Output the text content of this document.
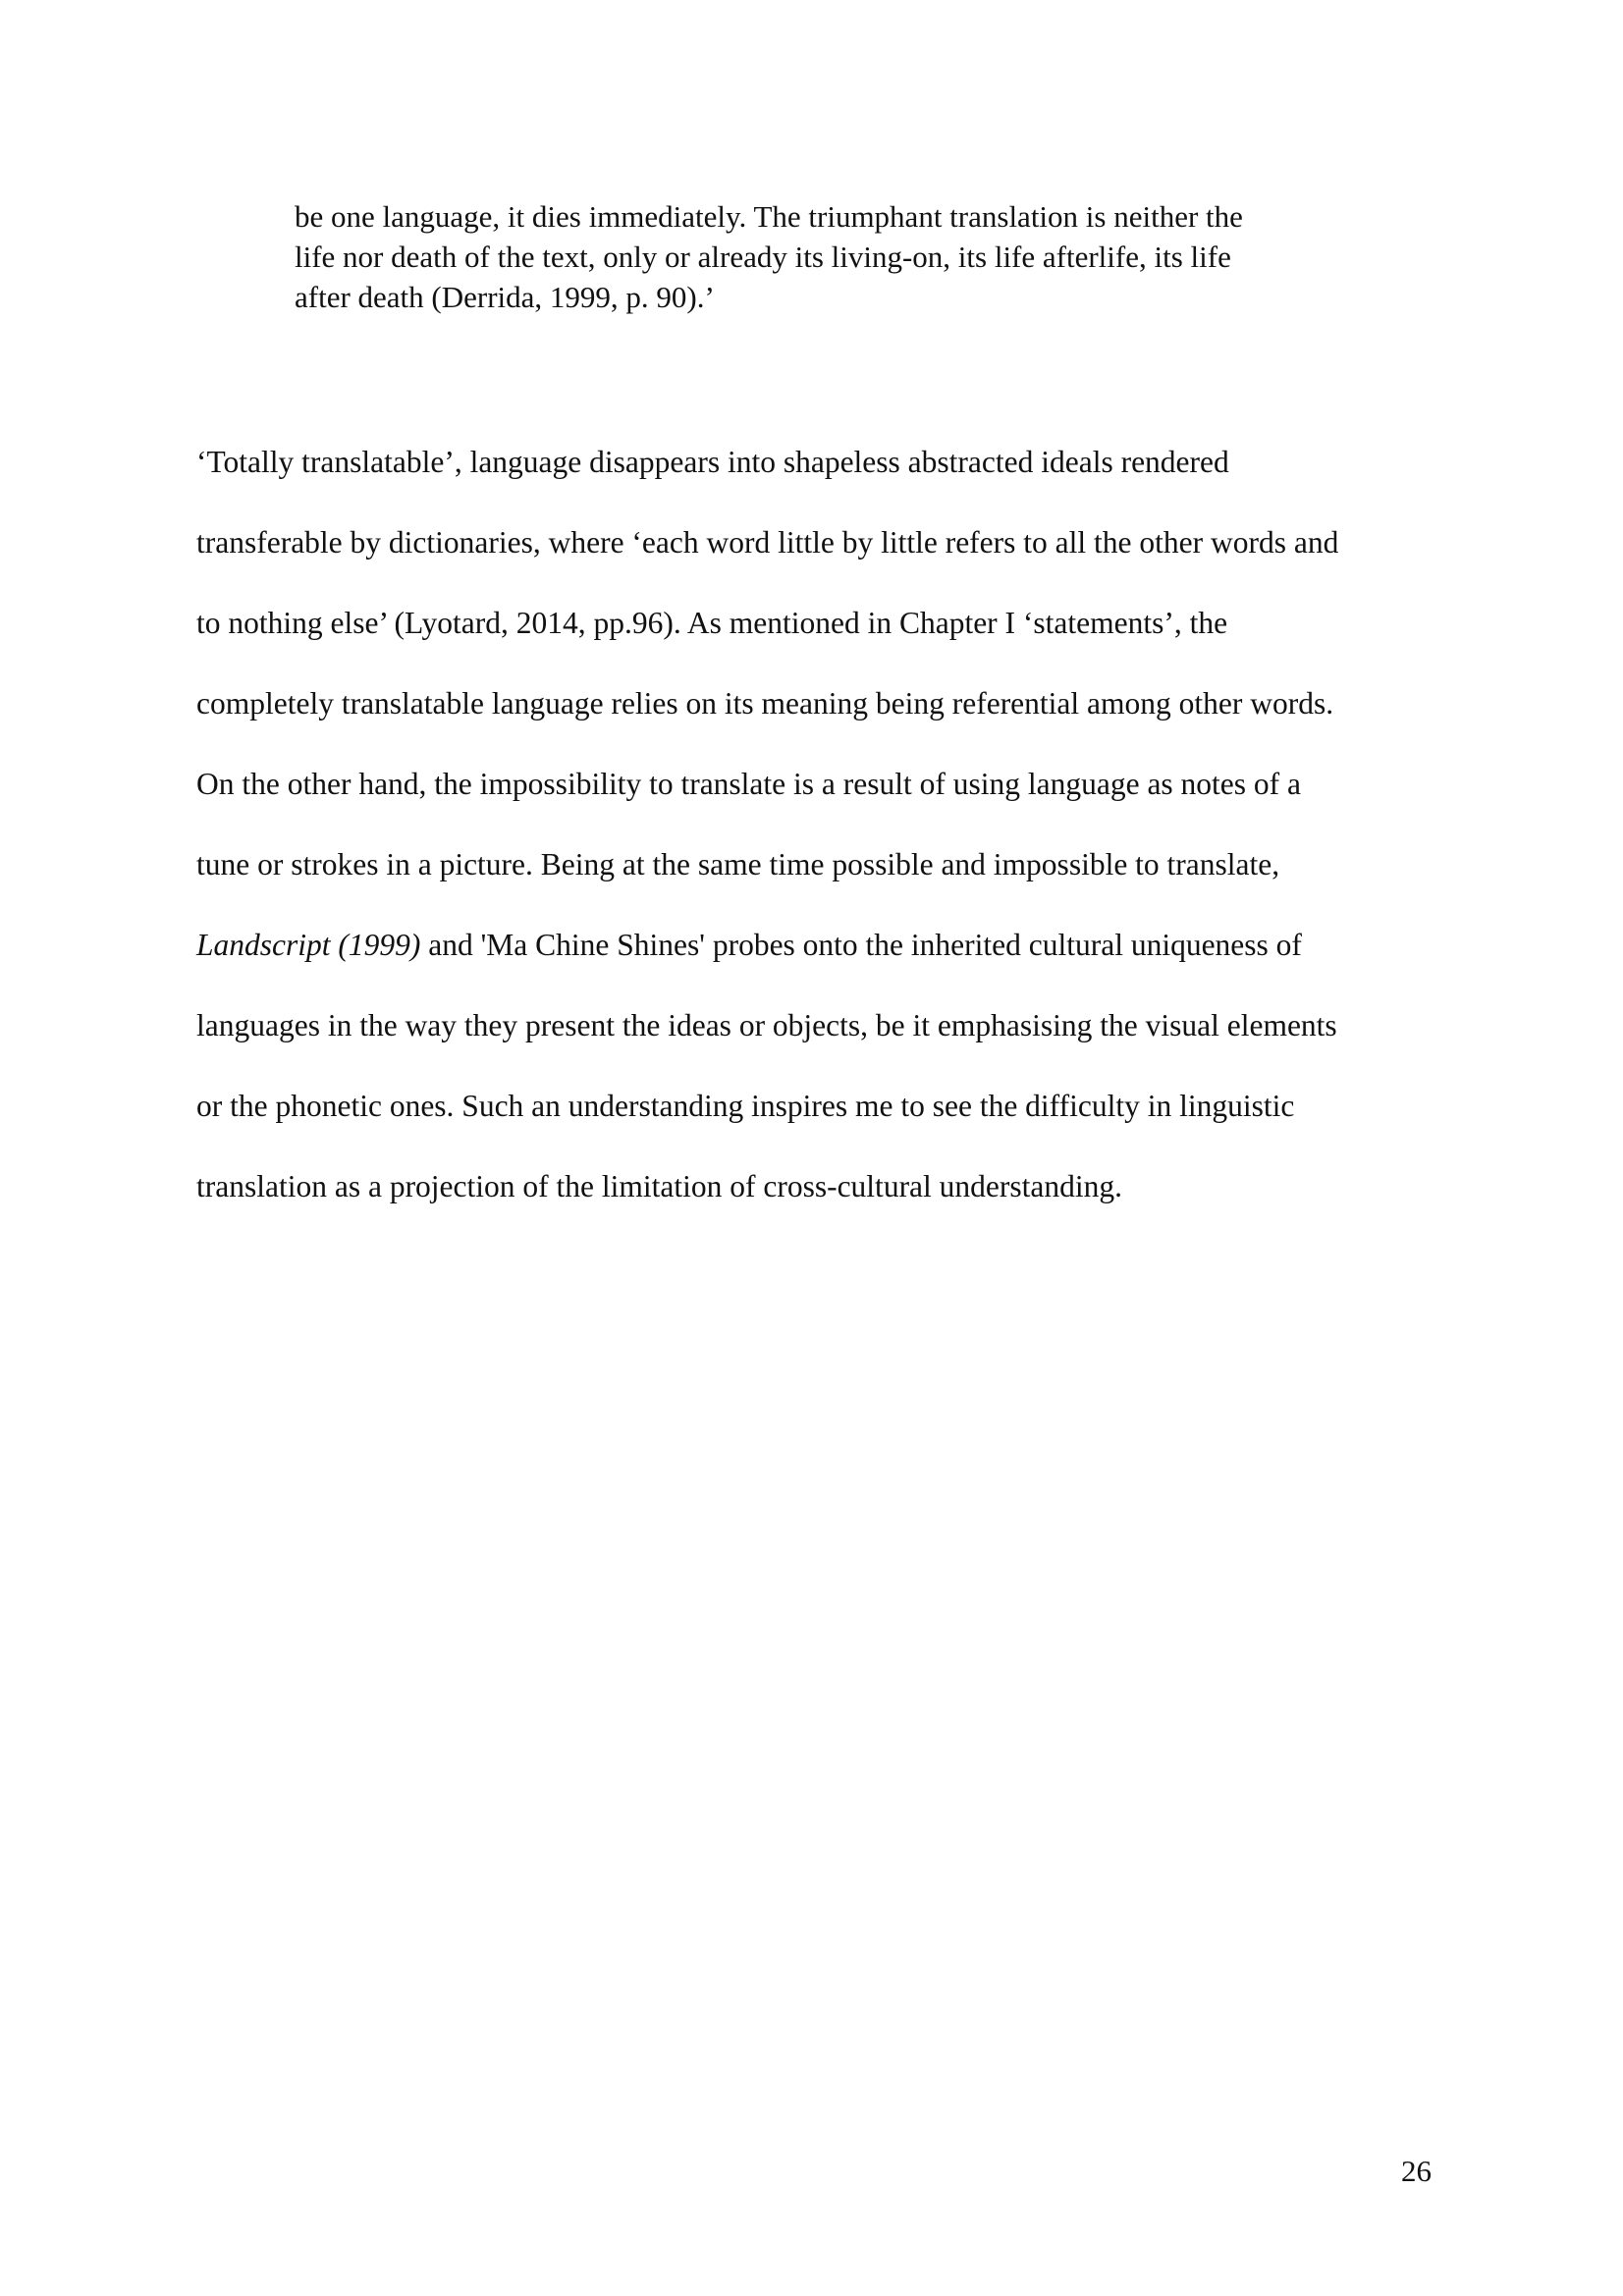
be one language, it dies immediately. The triumphant translation is neither the
life nor death of the text, only or already its living-on, its life afterlife, its life
after death (Derrida, 1999, p. 90).’
‘Totally translatable’, language disappears into shapeless abstracted ideals rendered
transferable by dictionaries, where ‘each word little by little refers to all the other words and
to nothing else’ (Lyotard, 2014, pp.96). As mentioned in Chapter I ‘statements’, the
completely translatable language relies on its meaning being referential among other words.
On the other hand, the impossibility to translate is a result of using language as notes of a
tune or strokes in a picture. Being at the same time possible and impossible to translate,
Landscript (1999) and 'Ma Chine Shines' probes onto the inherited cultural uniqueness of
languages in the way they present the ideas or objects, be it emphasising the visual elements
or the phonetic ones. Such an understanding inspires me to see the difficulty in linguistic
translation as a projection of the limitation of cross-cultural understanding.
26
